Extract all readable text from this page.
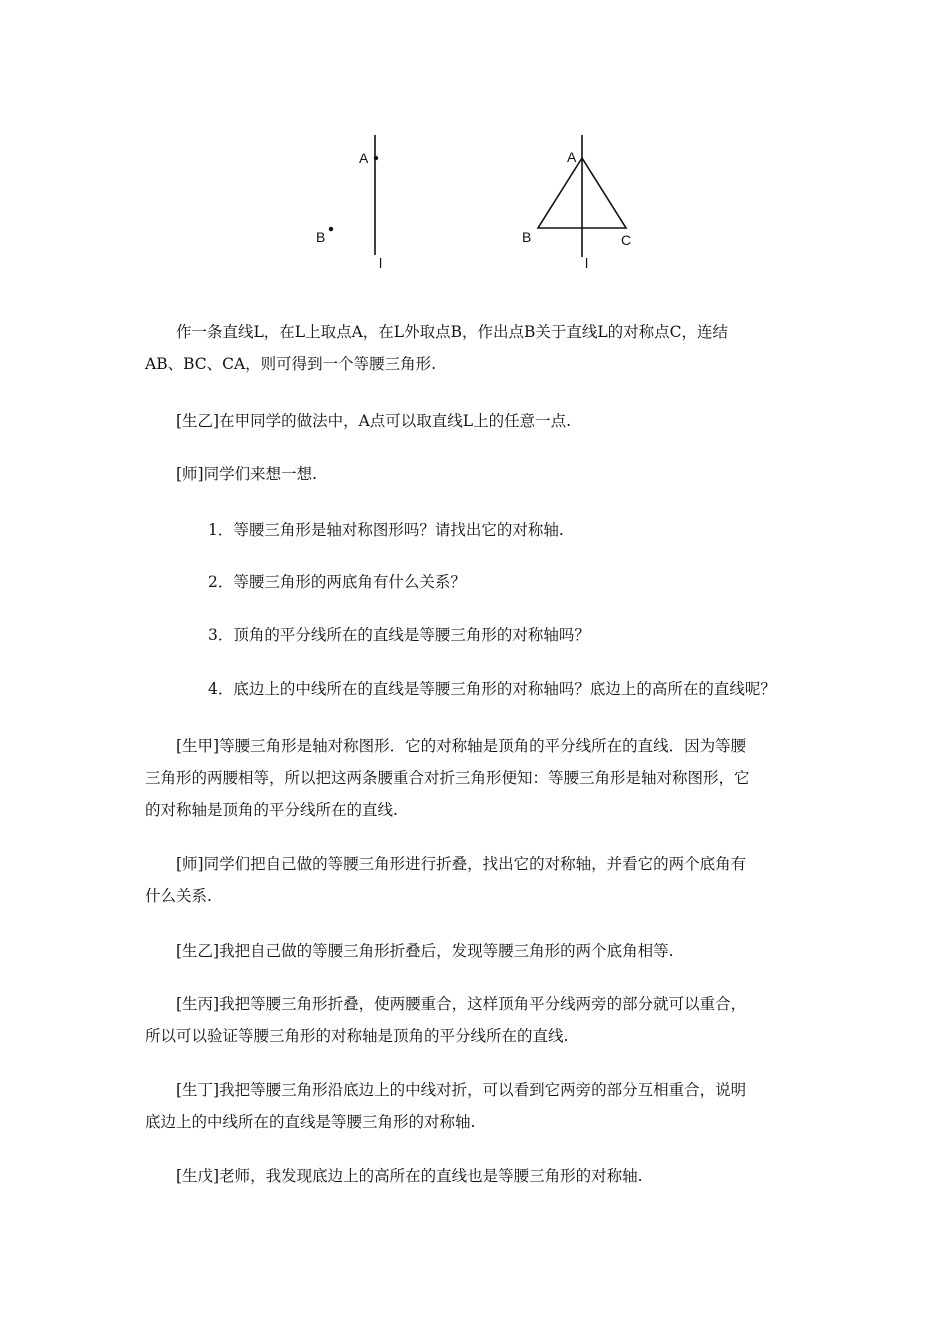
A
B
l
A
B	C
l

作一条直线L，在L上取点A，在L外取点B，作出点B关于直线L的对称点C，连结
AB、BC、CA，则可得到一个等腰三角形.

[生乙]在甲同学的做法中，A点可以取直线L上的任意一点.

[师]同学们来想一想.

1．等腰三角形是轴对称图形吗？请找出它的对称轴.

2．等腰三角形的两底角有什么关系？

3．顶角的平分线所在的直线是等腰三角形的对称轴吗？

4．底边上的中线所在的直线是等腰三角形的对称轴吗？底边上的高所在的直线呢？

[生甲]等腰三角形是轴对称图形．它的对称轴是顶角的平分线所在的直线．因为等腰
三角形的两腰相等，所以把这两条腰重合对折三角形便知：等腰三角形是轴对称图形，它
的对称轴是顶角的平分线所在的直线.

[师]同学们把自己做的等腰三角形进行折叠，找出它的对称轴，并看它的两个底角有
什么关系.

[生乙]我把自己做的等腰三角形折叠后，发现等腰三角形的两个底角相等.

[生丙]我把等腰三角形折叠，使两腰重合，这样顶角平分线两旁的部分就可以重合，
所以可以验证等腰三角形的对称轴是顶角的平分线所在的直线.

[生丁]我把等腰三角形沿底边上的中线对折，可以看到它两旁的部分互相重合，说明
底边上的中线所在的直线是等腰三角形的对称轴.

[生戊]老师，我发现底边上的高所在的直线也是等腰三角形的对称轴.
